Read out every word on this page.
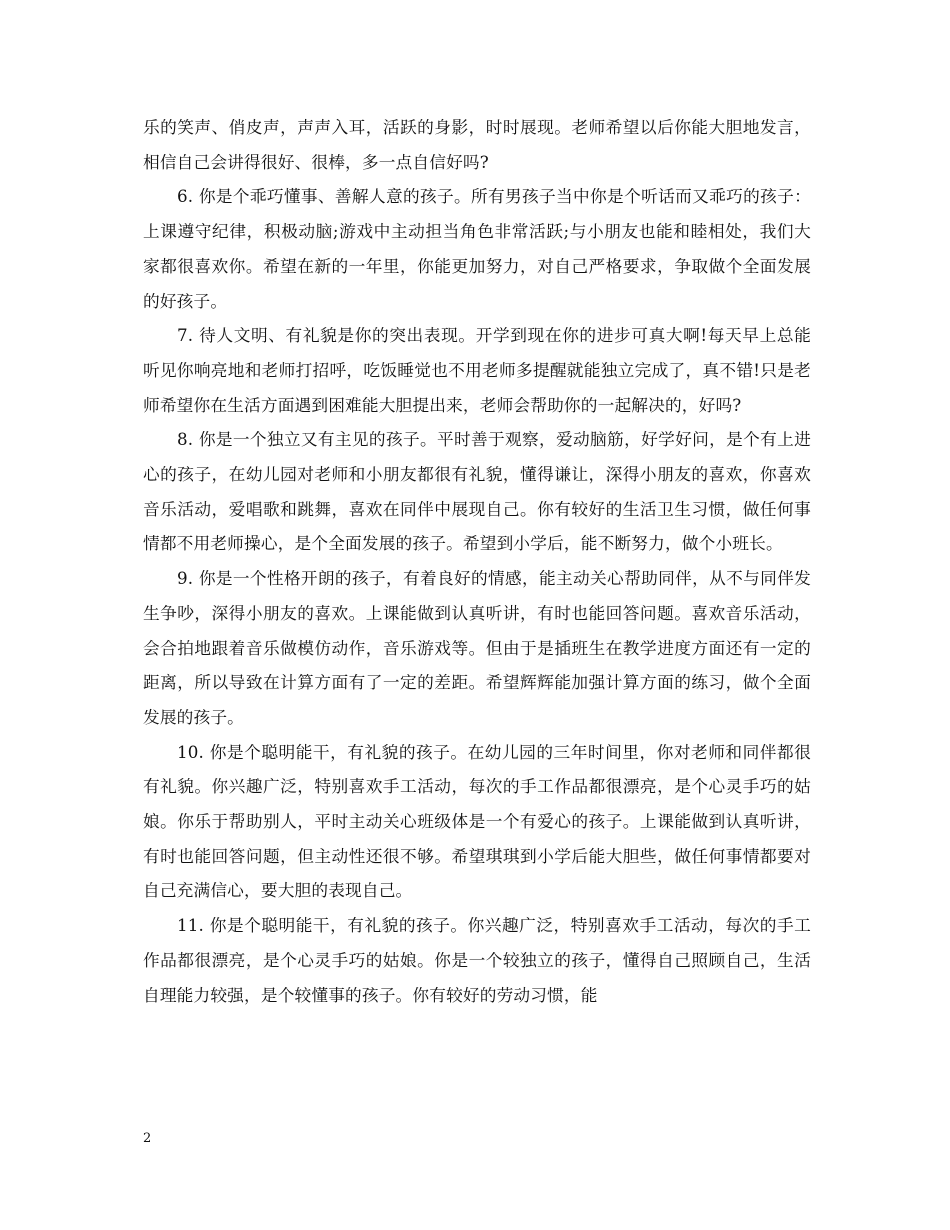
乐的笑声、俏皮声，声声入耳，活跃的身影，时时展现。老师希望以后你能大胆地发言，相信自己会讲得很好、很棒，多一点自信好吗?

6. 你是个乖巧懂事、善解人意的孩子。所有男孩子当中你是个听话而又乖巧的孩子：上课遵守纪律，积极动脑;游戏中主动担当角色非常活跃;与小朋友也能和睦相处，我们大家都很喜欢你。希望在新的一年里，你能更加努力，对自己严格要求，争取做个全面发展的好孩子。

7. 待人文明、有礼貌是你的突出表现。开学到现在你的进步可真大啊!每天早上总能听见你响亮地和老师打招呼，吃饭睡觉也不用老师多提醒就能独立完成了，真不错!只是老师希望你在生活方面遇到困难能大胆提出来，老师会帮助你的一起解决的，好吗?

8. 你是一个独立又有主见的孩子。平时善于观察，爱动脑筋，好学好问，是个有上进心的孩子，在幼儿园对老师和小朋友都很有礼貌，懂得谦让，深得小朋友的喜欢，你喜欢音乐活动，爱唱歌和跳舞，喜欢在同伴中展现自己。你有较好的生活卫生习惯，做任何事情都不用老师操心，是个全面发展的孩子。希望到小学后，能不断努力，做个小班长。

9. 你是一个性格开朗的孩子，有着良好的情感，能主动关心帮助同伴，从不与同伴发生争吵，深得小朋友的喜欢。上课能做到认真听讲，有时也能回答问题。喜欢音乐活动，会合拍地跟着音乐做模仿动作，音乐游戏等。但由于是插班生在教学进度方面还有一定的距离，所以导致在计算方面有了一定的差距。希望辉辉能加强计算方面的练习，做个全面发展的孩子。

10. 你是个聪明能干，有礼貌的孩子。在幼儿园的三年时间里，你对老师和同伴都很有礼貌。你兴趣广泛，特别喜欢手工活动，每次的手工作品都很漂亮，是个心灵手巧的姑娘。你乐于帮助别人，平时主动关心班级体是一个有爱心的孩子。上课能做到认真听讲，有时也能回答问题，但主动性还很不够。希望琪琪到小学后能大胆些，做任何事情都要对自己充满信心，要大胆的表现自己。

11. 你是个聪明能干，有礼貌的孩子。你兴趣广泛，特别喜欢手工活动，每次的手工作品都很漂亮，是个心灵手巧的姑娘。你是一个较独立的孩子，懂得自己照顾自己，生活自理能力较强，是个较懂事的孩子。你有较好的劳动习惯，能

2
